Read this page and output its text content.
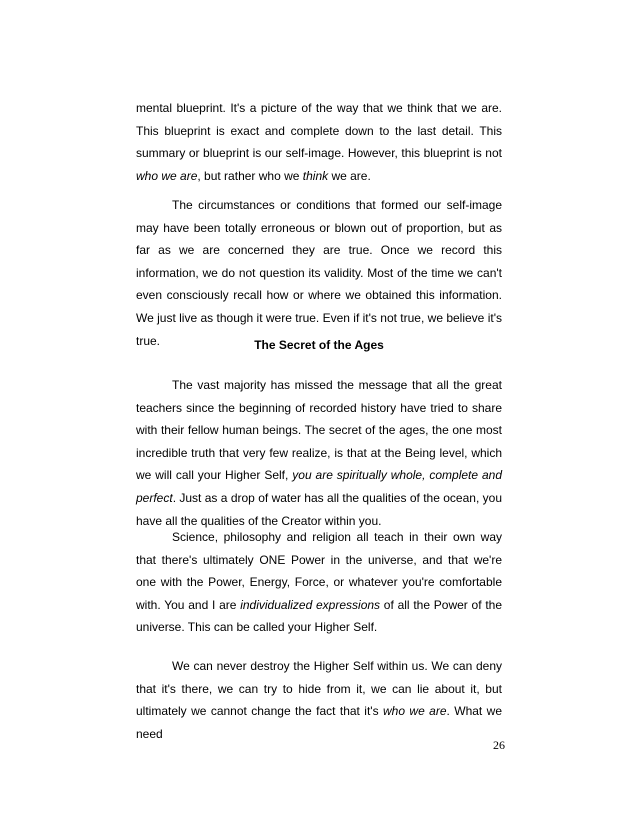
mental blueprint. It's a picture of the way that we think that we are. This blueprint is exact and complete down to the last detail. This summary or blueprint is our self-image. However, this blueprint is not who we are, but rather who we think we are.

The circumstances or conditions that formed our self-image may have been totally erroneous or blown out of proportion, but as far as we are concerned they are true. Once we record this information, we do not question its validity. Most of the time we can't even consciously recall how or where we obtained this information. We just live as though it were true. Even if it's not true, we believe it's true.	The Secret of the Ages

The vast majority has missed the message that all the great teachers since the beginning of recorded history have tried to share with their fellow human beings. The secret of the ages, the one most incredible truth that very few realize, is that at the Being level, which we will call your Higher Self, you are spiritually whole, complete and perfect. Just as a drop of water has all the qualities of the ocean, you have all the qualities of the Creator within you.

Science, philosophy and religion all teach in their own way that there's ultimately ONE Power in the universe, and that we're one with the Power, Energy, Force, or whatever you're comfortable with. You and I are individualized expressions of all the Power of the universe. This can be called your Higher Self.

We can never destroy the Higher Self within us. We can deny that it's there, we can try to hide from it, we can lie about it, but ultimately we cannot change the fact that it's who we are. What we need

26
